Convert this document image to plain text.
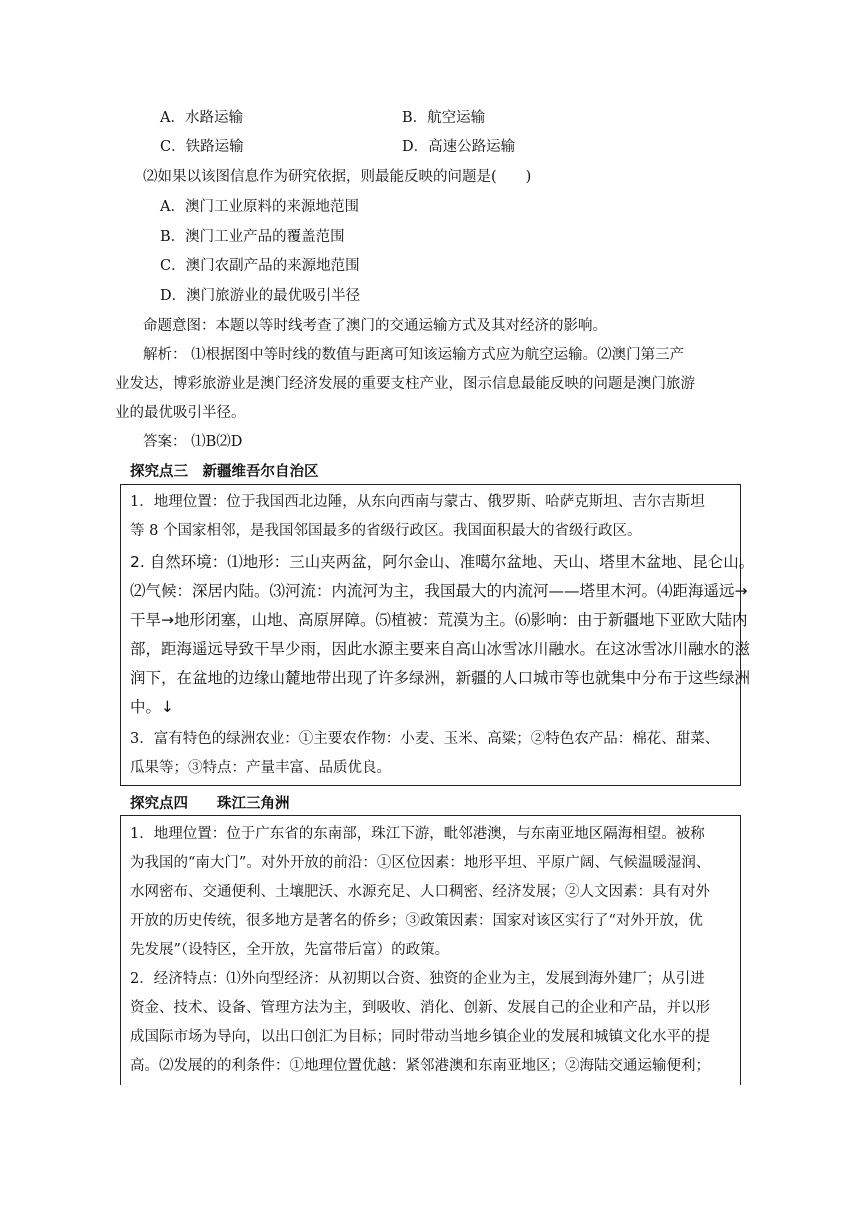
A．水路运输	B．航空运输
C．铁路运输	D．高速公路运输
⑵如果以该图信息作为研究依据，则最能反映的问题是(　　)
A．澳门工业原料的来源地范围
B．澳门工业产品的覆盖范围
C．澳门农副产品的来源地范围
D．澳门旅游业的最优吸引半径
命题意图：本题以等时线考查了澳门的交通运输方式及其对经济的影响。
解析： ⑴根据图中等时线的数值与距离可知该运输方式应为航空运输。⑵澳门第三产
业发达，博彩旅游业是澳门经济发展的重要支柱产业，图示信息最能反映的问题是澳门旅游
业的最优吸引半径。
答案： ⑴B⑵D
探究点三　新疆维吾尔自治区
1．地理位置：位于我国西北边陲，从东向西南与蒙古、俄罗斯、哈萨克斯坦、吉尔吉斯坦
等 8 个国家相邻，是我国邻国最多的省级行政区。我国面积最大的省级行政区。
2. 自然环境：⑴地形：三山夹两盆，阿尔金山、准噶尔盆地、天山、塔里木盆地、昆仑山。
⑵气候：深居内陆。⑶河流：内流河为主，我国最大的内流河——塔里木河。⑷距海遥远→
干旱→地形闭塞，山地、高原屏障。⑸植被：荒漠为主。⑹影响：由于新疆地下亚欧大陆内
部，距海遥远导致干旱少雨，因此水源主要来自高山冰雪冰川融水。在这冰雪冰川融水的滋
润下，在盆地的边缘山麓地带出现了许多绿洲，新疆的人口城市等也就集中分布于这些绿洲
中。↓
3．富有特色的绿洲农业：①主要农作物：小麦、玉米、高粱；②特色农产品：棉花、甜菜、
瓜果等；③特点：产量丰富、品质优良。
探究点四　　珠江三角洲
1．地理位置：位于广东省的东南部，珠江下游，毗邻港澳，与东南亚地区隔海相望。被称
为我国的“南大门”。对外开放的前沿：①区位因素：地形平坦、平原广阔、气候温暖湿润、
水网密布、交通便利、土壤肥沃、水源充足、人口稠密、经济发展；②人文因素：具有对外
开放的历史传统，很多地方是著名的侨乡；③政策因素：国家对该区实行了“对外开放，优
先发展”（设特区，全开放，先富带后富）的政策。
2．经济特点：⑴外向型经济：从初期以合资、独资的企业为主，发展到海外建厂；从引进
资金、技术、设备、管理方法为主，到吸收、消化、创新、发展自己的企业和产品，并以形
成国际市场为导向，以出口创汇为目标；同时带动当地乡镇企业的发展和城镇文化水平的提
高。⑵发展的的利条件：①地理位置优越：紧邻港澳和东南亚地区；②海陆交通运输便利；
